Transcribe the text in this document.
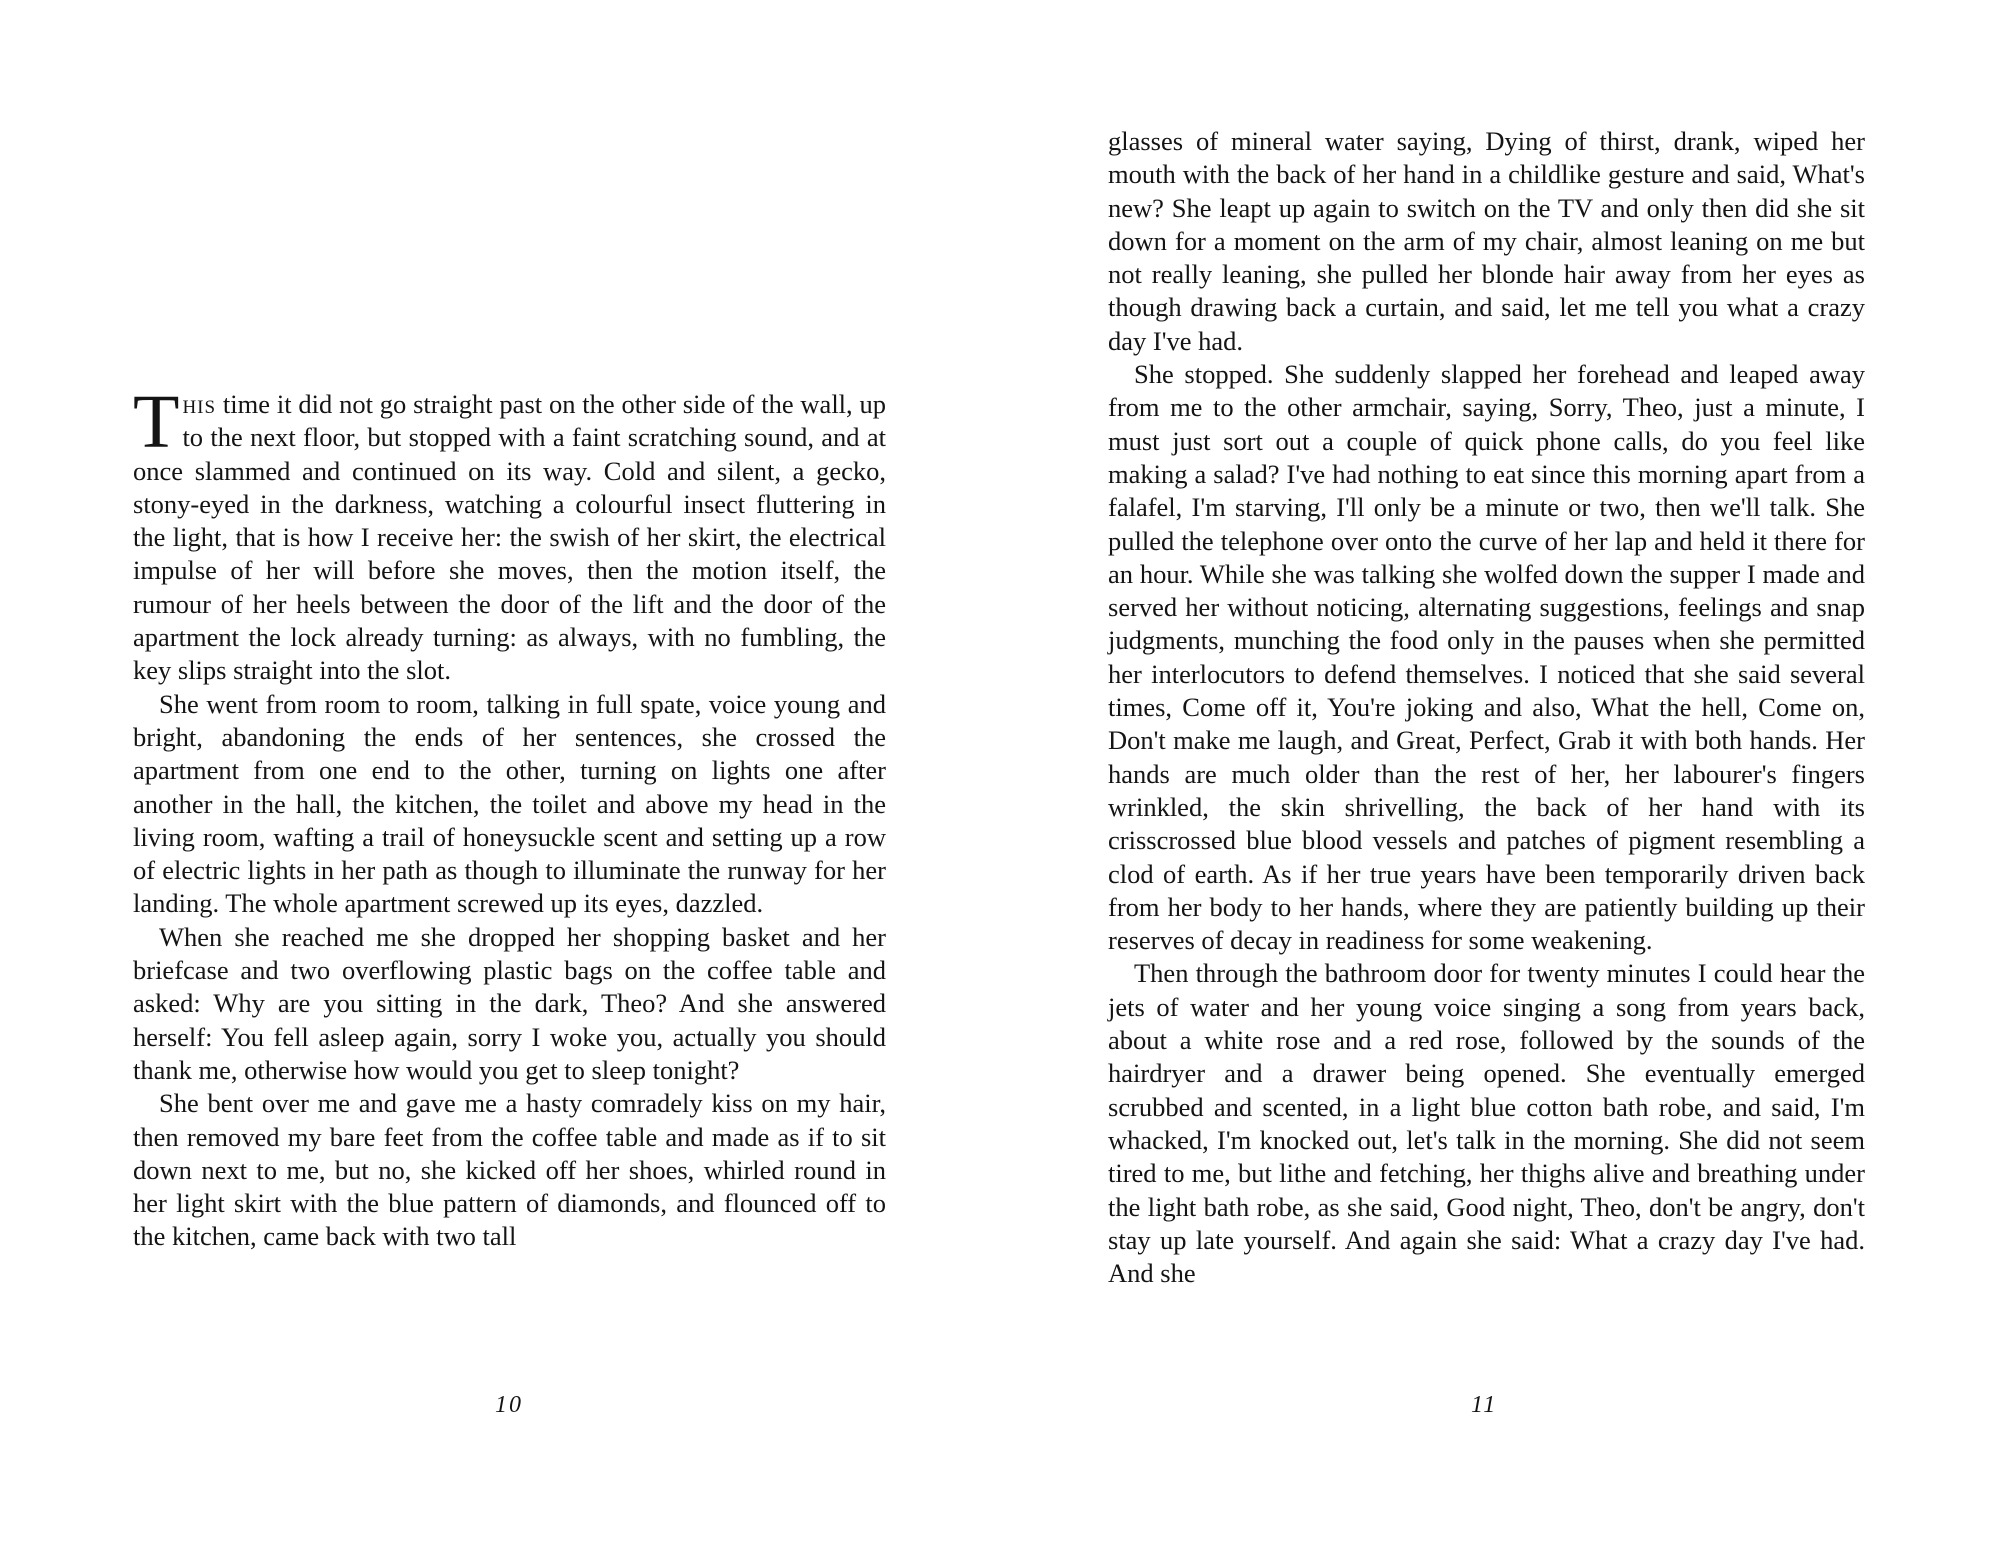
This time it did not go straight past on the other side of the wall, up to the next floor, but stopped with a faint scratching sound, and at once slammed and continued on its way. Cold and silent, a gecko, stony-eyed in the darkness, watching a colourful insect fluttering in the light, that is how I receive her: the swish of her skirt, the electrical impulse of her will before she moves, then the motion itself, the rumour of her heels between the door of the lift and the door of the apartment the lock already turning: as always, with no fumbling, the key slips straight into the slot.

She went from room to room, talking in full spate, voice young and bright, abandoning the ends of her sentences, she crossed the apartment from one end to the other, turning on lights one after another in the hall, the kitchen, the toilet and above my head in the living room, wafting a trail of honeysuckle scent and setting up a row of electric lights in her path as though to illuminate the runway for her landing. The whole apartment screwed up its eyes, dazzled.

When she reached me she dropped her shopping basket and her briefcase and two overflowing plastic bags on the coffee table and asked: Why are you sitting in the dark, Theo? And she answered herself: You fell asleep again, sorry I woke you, actually you should thank me, otherwise how would you get to sleep tonight?

She bent over me and gave me a hasty comradely kiss on my hair, then removed my bare feet from the coffee table and made as if to sit down next to me, but no, she kicked off her shoes, whirled round in her light skirt with the blue pattern of diamonds, and flounced off to the kitchen, came back with two tall

10

glasses of mineral water saying, Dying of thirst, drank, wiped her mouth with the back of her hand in a childlike gesture and said, What's new? She leapt up again to switch on the TV and only then did she sit down for a moment on the arm of my chair, almost leaning on me but not really leaning, she pulled her blonde hair away from her eyes as though drawing back a curtain, and said, let me tell you what a crazy day I've had.

She stopped. She suddenly slapped her forehead and leaped away from me to the other armchair, saying, Sorry, Theo, just a minute, I must just sort out a couple of quick phone calls, do you feel like making a salad? I've had nothing to eat since this morning apart from a falafel, I'm starving, I'll only be a minute or two, then we'll talk. She pulled the telephone over onto the curve of her lap and held it there for an hour. While she was talking she wolfed down the supper I made and served her without noticing, alternating suggestions, feelings and snap judgments, munching the food only in the pauses when she permitted her interlocutors to defend themselves. I noticed that she said several times, Come off it, You're joking and also, What the hell, Come on, Don't make me laugh, and Great, Perfect, Grab it with both hands. Her hands are much older than the rest of her, her labourer's fingers wrinkled, the skin shrivelling, the back of her hand with its crisscrossed blue blood vessels and patches of pigment resembling a clod of earth. As if her true years have been temporarily driven back from her body to her hands, where they are patiently building up their reserves of decay in readiness for some weakening.

Then through the bathroom door for twenty minutes I could hear the jets of water and her young voice singing a song from years back, about a white rose and a red rose, followed by the sounds of the hairdryer and a drawer being opened. She eventually emerged scrubbed and scented, in a light blue cotton bath robe, and said, I'm whacked, I'm knocked out, let's talk in the morning. She did not seem tired to me, but lithe and fetching, her thighs alive and breathing under the light bath robe, as she said, Good night, Theo, don't be angry, don't stay up late yourself. And again she said: What a crazy day I've had. And she

11
